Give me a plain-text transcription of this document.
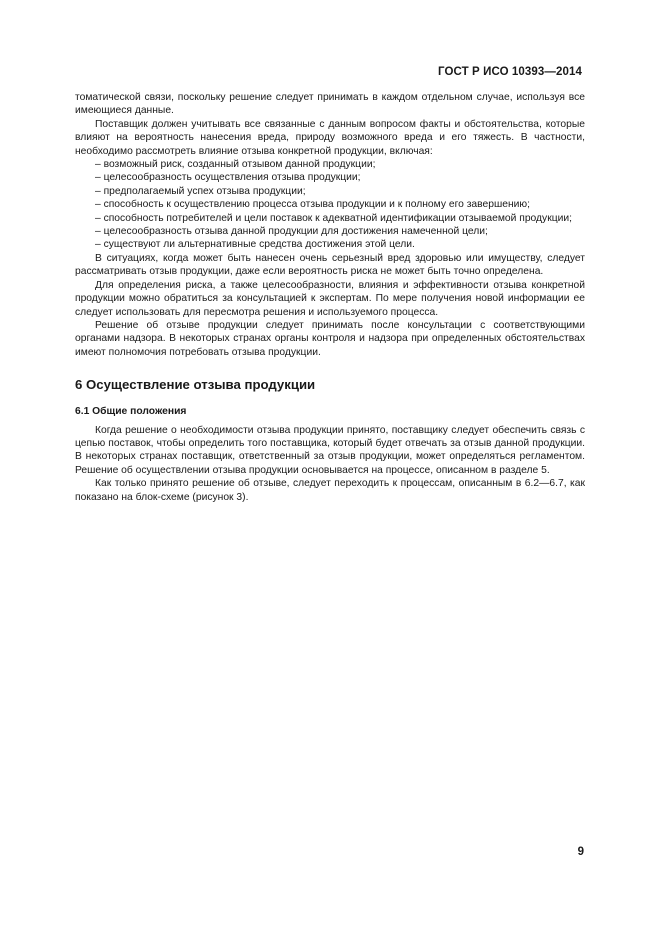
ГОСТ Р ИСО 10393—2014

томатической связи, поскольку решение следует принимать в каждом отдельном случае, используя все имеющиеся данные.

Поставщик должен учитывать все связанные с данным вопросом факты и обстоятельства, которые влияют на вероятность нанесения вреда, природу возможного вреда и его тяжесть. В частности, необходимо рассмотреть влияние отзыва конкретной продукции, включая:

– возможный риск, созданный отзывом данной продукции;

– целесообразность осуществления отзыва продукции;

– предполагаемый успех отзыва продукции;

– способность к осуществлению процесса отзыва продукции и к полному его завершению;

– способность потребителей и цели поставок к адекватной идентификации отзываемой продукции;

– целесообразность отзыва данной продукции для достижения намеченной цели;

– существуют ли альтернативные средства достижения этой цели.

В ситуациях, когда может быть нанесен очень серьезный вред здоровью или имуществу, следует рассматривать отзыв продукции, даже если вероятность риска не может быть точно определена.

Для определения риска, а также целесообразности, влияния и эффективности отзыва конкретной продукции можно обратиться за консультацией к экспертам. По мере получения новой информации ее следует использовать для пересмотра решения и используемого процесса.

Решение об отзыве продукции следует принимать после консультации с соответствующими органами надзора. В некоторых странах органы контроля и надзора при определенных обстоятельствах имеют полномочия потребовать отзыва продукции.

6 Осуществление отзыва продукции
6.1 Общие положения

Когда решение о необходимости отзыва продукции принято, поставщику следует обеспечить связь с цепью поставок, чтобы определить того поставщика, который будет отвечать за отзыв данной продукции. В некоторых странах поставщик, ответственный за отзыв продукции, может определяться регламентом. Решение об осуществлении отзыва продукции основывается на процессе, описанном в разделе 5.

Как только принято решение об отзыве, следует переходить к процессам, описанным в 6.2—6.7, как показано на блок-схеме (рисунок 3).

9
